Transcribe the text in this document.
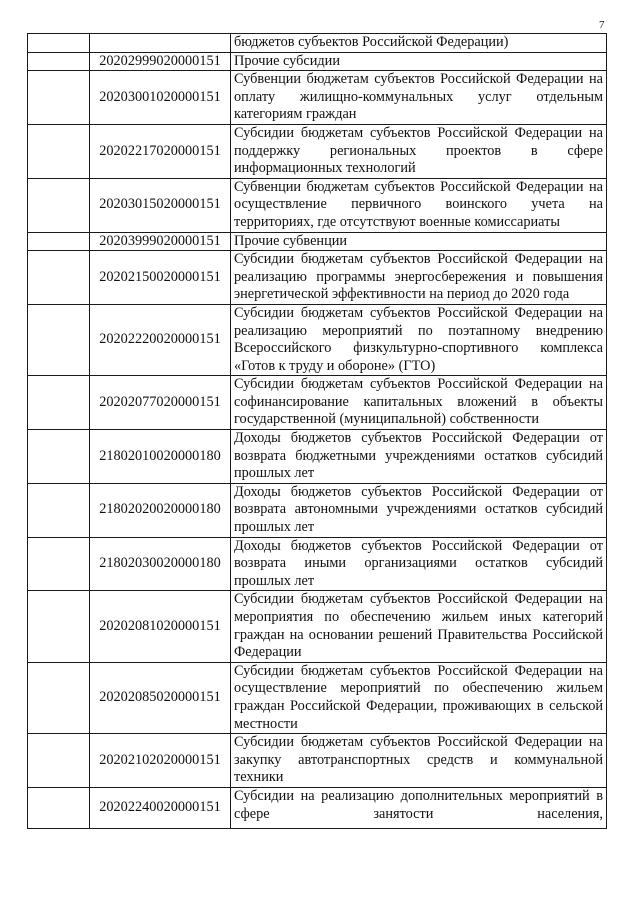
7
		бюджетов субъектов Российской Федерации)
	20202999020000151	Прочие субсидии
	20203001020000151	Субвенции бюджетам субъектов Российской Федерации на оплату жилищно-коммунальных услуг отдельным категориям граждан
	20202217020000151	Субсидии бюджетам субъектов Российской Федерации на поддержку региональных проектов в сфере информационных технологий
	20203015020000151	Субвенции бюджетам субъектов Российской Федерации на осуществление первичного воинского учета на территориях, где отсутствуют военные комиссариаты
	20203999020000151	Прочие субвенции
	20202150020000151	Субсидии бюджетам субъектов Российской Федерации на реализацию программы энергосбережения и повышения энергетической эффективности на период до 2020 года
	20202220020000151	Субсидии бюджетам субъектов Российской Федерации на реализацию мероприятий по поэтапному внедрению Всероссийского физкультурно-спортивного комплекса «Готов к труду и обороне» (ГТО)
	20202077020000151	Субсидии бюджетам субъектов Российской Федерации на софинансирование капитальных вложений в объекты государственной (муниципальной) собственности
	21802010020000180	Доходы бюджетов субъектов Российской Федерации от возврата бюджетными учреждениями остатков субсидий прошлых лет
	21802020020000180	Доходы бюджетов субъектов Российской Федерации от возврата автономными учреждениями остатков субсидий прошлых лет
	21802030020000180	Доходы бюджетов субъектов Российской Федерации от возврата иными организациями остатков субсидий прошлых лет
	20202081020000151	Субсидии бюджетам субъектов Российской Федерации на мероприятия по обеспечению жильем иных категорий граждан на основании решений Правительства Российской Федерации
	20202085020000151	Субсидии бюджетам субъектов Российской Федерации на осуществление мероприятий по обеспечению жильем граждан Российской Федерации, проживающих в сельской местности
	20202102020000151	Субсидии бюджетам субъектов Российской Федерации на закупку автотранспортных средств и коммунальной техники
	20202240020000151	Субсидии на реализацию дополнительных мероприятий в сфере занятости населения,
